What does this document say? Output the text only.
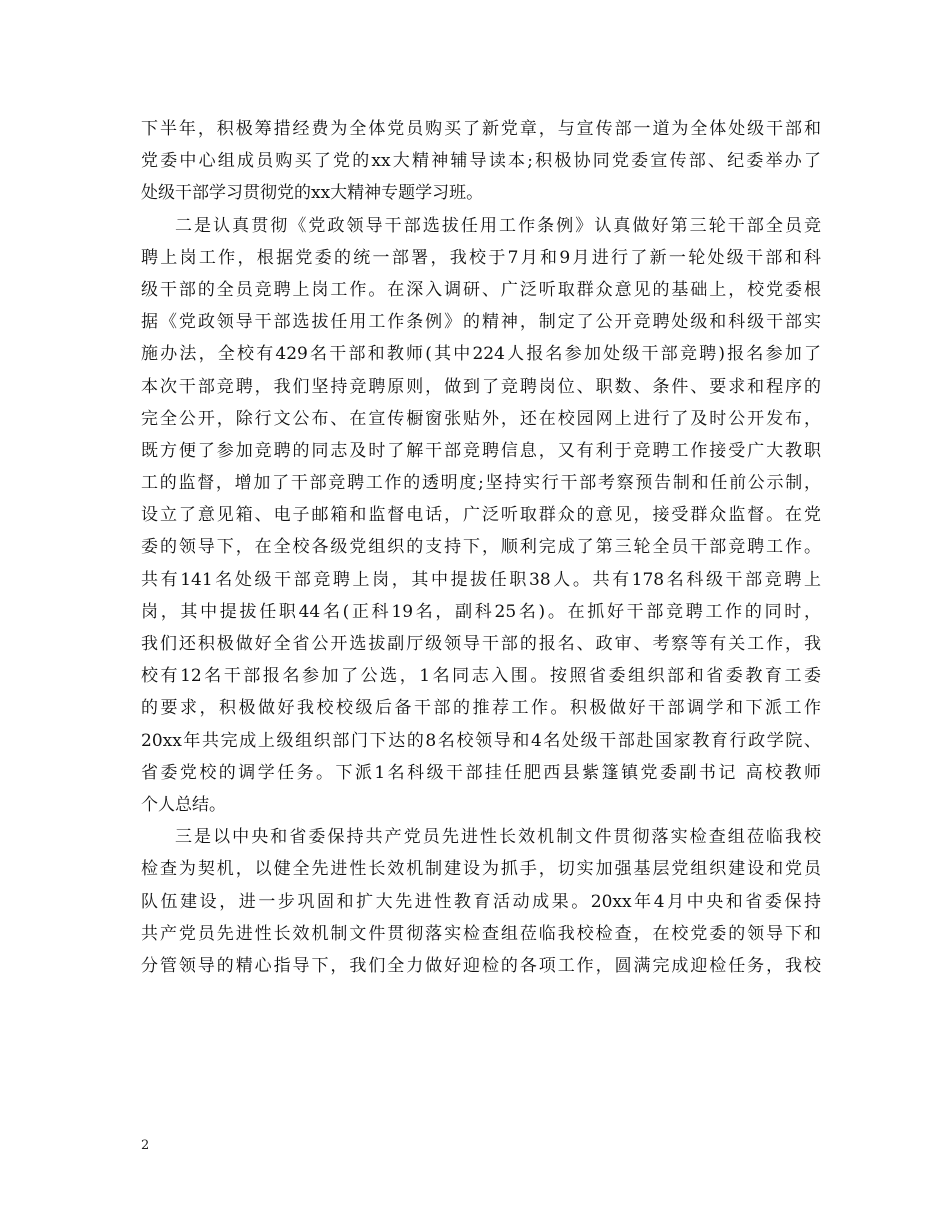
下半年，积极筹措经费为全体党员购买了新党章，与宣传部一道为全体处级干部和
党委中心组成员购买了党的xx大精神辅导读本;积极协同党委宣传部、纪委举办了
处级干部学习贯彻党的xx大精神专题学习班。
二是认真贯彻《党政领导干部选拔任用工作条例》认真做好第三轮干部全员竞
聘上岗工作，根据党委的统一部署，我校于7月和9月进行了新一轮处级干部和科
级干部的全员竞聘上岗工作。在深入调研、广泛听取群众意见的基础上，校党委根
据《党政领导干部选拔任用工作条例》的精神，制定了公开竞聘处级和科级干部实
施办法，全校有429名干部和教师(其中224人报名参加处级干部竞聘)报名参加了
本次干部竞聘，我们坚持竞聘原则，做到了竞聘岗位、职数、条件、要求和程序的
完全公开，除行文公布、在宣传橱窗张贴外，还在校园网上进行了及时公开发布，
既方便了参加竞聘的同志及时了解干部竞聘信息，又有利于竞聘工作接受广大教职
工的监督，增加了干部竞聘工作的透明度;坚持实行干部考察预告制和任前公示制，
设立了意见箱、电子邮箱和监督电话，广泛听取群众的意见，接受群众监督。在党
委的领导下，在全校各级党组织的支持下，顺利完成了第三轮全员干部竞聘工作。
共有141名处级干部竞聘上岗，其中提拔任职38人。共有178名科级干部竞聘上
岗，其中提拔任职44名(正科19名，副科25名)。在抓好干部竞聘工作的同时，
我们还积极做好全省公开选拔副厅级领导干部的报名、政审、考察等有关工作，我
校有12名干部报名参加了公选，1名同志入围。按照省委组织部和省委教育工委
的要求，积极做好我校校级后备干部的推荐工作。积极做好干部调学和下派工作
20xx年共完成上级组织部门下达的8名校领导和4名处级干部赴国家教育行政学院、
省委党校的调学任务。下派1名科级干部挂任肥西县紫篷镇党委副书记 高校教师
个人总结。
三是以中央和省委保持共产党员先进性长效机制文件贯彻落实检查组莅临我校
检查为契机，以健全先进性长效机制建设为抓手，切实加强基层党组织建设和党员
队伍建设，进一步巩固和扩大先进性教育活动成果。20xx年4月中央和省委保持
共产党员先进性长效机制文件贯彻落实检查组莅临我校检查，在校党委的领导下和
分管领导的精心指导下，我们全力做好迎检的各项工作，圆满完成迎检任务，我校
2
